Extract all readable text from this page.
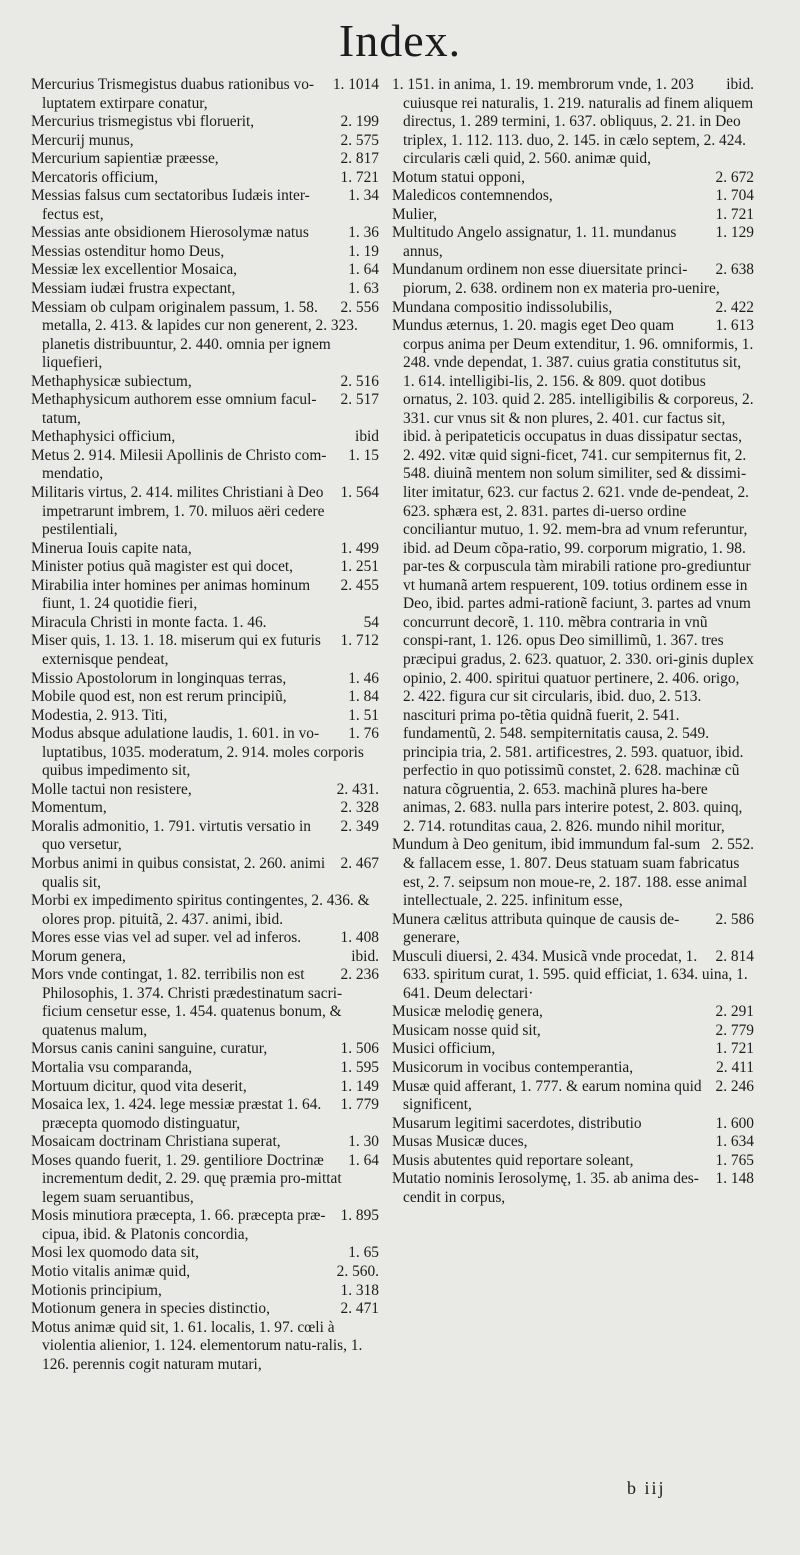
Index.

1. 1014
Mercurius Trismegistus duabus rationibus vo-luptatem extirpare conatur,

2. 199
Mercurius trismegistus vbi floruerit,

2. 575
Mercurij munus,

2. 817
Mercurium sapientiæ præesse,

1. 721
Mercatoris officium,

1. 34
Messias falsus cum sectatoribus Iudæis inter-fectus est,

1. 36
Messias ante obsidionem Hierosolymæ natus

1. 19
Messias ostenditur homo Deus,

1. 64
Messiæ lex excellentior Mosaica,

1. 63
Messiam iudæi frustra expectant,

2. 556
Messiam ob culpam originalem passum, 1. 58. metalla, 2. 413. & lapides cur non generent, 2. 323. planetis distribuuntur, 2. 440. omnia per ignem liquefieri,

2. 516
Methaphysicæ subiectum,

2. 517
Methaphysicum authorem esse omnium facul-tatum,

ibid
Methaphysici officium,

1. 15
Metus 2. 914. Milesii Apollinis de Christo com-mendatio,

1. 564
Militaris virtus, 2. 414. milites Christiani à Deo impetrarunt imbrem, 1. 70. miluos aëri cedere pestilentiali,

1. 499
Minerua Iouis capite nata,

1. 251
Minister potius quã magister est qui docet,

2. 455
Mirabilia inter homines per animas hominum fiunt, 1. 24 quotidie fieri,

54
Miracula Christi in monte facta. 1. 46.

1. 712
Miser quis, 1. 13. 1. 18. miserum qui ex futuris externisque pendeat,

1. 46
Missio Apostolorum in longinquas terras,

1. 84
Mobile quod est, non est rerum principiũ,

1. 51
Modestia, 2. 913. Titi,

1. 76
Modus absque adulatione laudis, 1. 601. in vo-luptatibus, 1035. moderatum, 2. 914. moles corporis quibus impedimento sit,

2. 431.
Molle tactui non resistere,

2. 328
Momentum,

2. 349
Moralis admonitio, 1. 791. virtutis versatio in quo versetur,

2. 467
Morbus animi in quibus consistat, 2. 260. animi qualis sit,

Morbi ex impedimento spiritus contingentes, 2. 436. & olores prop. pituitã, 2. 437. animi, ibid.

1. 408
Mores esse vias vel ad super. vel ad inferos.

ibid.
Morum genera,

2. 236
Mors vnde contingat, 1. 82. terribilis non est Philosophis, 1. 374. Christi prædestinatum sacri-ficium censetur esse, 1. 454. quatenus bonum, & quatenus malum,

1. 506
Morsus canis canini sanguine, curatur,

1. 595
Mortalia vsu comparanda,

1. 149
Mortuum dicitur, quod vita deserit,

1. 779
Mosaica lex, 1. 424. lege messiæ præstat 1. 64. præcepta quomodo distinguatur,

1. 30
Mosaicam doctrinam Christiana superat,

1. 64
Moses quando fuerit, 1. 29. gentiliore Doctrinæ incrementum dedit, 2. 29. quę præmia pro-mittat legem suam seruantibus,

1. 895
Mosis minutiora præcepta, 1. 66. præcepta præ-cipua, ibid. & Platonis concordia,

1. 65
Mosi lex quomodo data sit,

2. 560.
Motio vitalis animæ quid,

1. 318
Motionis principium,

2. 471
Motionum genera in species distinctio,

Motus animæ quid sit, 1. 61. localis, 1. 97. cœli à violentia alienior, 1. 124. elementorum natu-ralis, 1. 126. perennis cogit naturam mutari,

ibid.
1. 151. in anima, 1. 19. membrorum vnde, 1. 203 cuiusque rei naturalis, 1. 219. naturalis ad finem aliquem directus, 1. 289 termini, 1. 637. obliquus, 2. 21. in Deo triplex, 1. 112. 113. duo, 2. 145. in cælo septem, 2. 424. circularis cæli quid, 2. 560. animæ quid,

2. 672
Motum statui opponi,

1. 704
Maledicos contemnendos,

1. 721
Mulier,

1. 129
Multitudo Angelo assignatur, 1. 11. mundanus annus,

2. 638
Mundanum ordinem non esse diuersitate princi-piorum, 2. 638. ordinem non ex materia pro-uenire,

2. 422
Mundana compositio indissolubilis,

1. 613
Mundus æternus, 1. 20. magis eget Deo quam corpus anima per Deum extenditur, 1. 96. omniformis, 1. 248. vnde dependat, 1. 387. cuius gratia constitutus sit, 1. 614. intelligibi-lis, 2. 156. & 809. quot dotibus ornatus, 2. 103. quid 2. 285. intelligibilis & corporeus, 2. 331. cur vnus sit & non plures, 2. 401. cur factus sit, ibid. à peripateticis occupatus in duas dissipatur sectas, 2. 492. vitæ quid signi-ficet, 741. cur sempiternus fit, 2. 548. diuinã mentem non solum similiter, sed & dissimi-liter imitatur, 623. cur factus 2. 621. vnde de-pendeat, 2. 623. sphæra est, 2. 831. partes di-uerso ordine conciliantur mutuo, 1. 92. mem-bra ad vnum referuntur, ibid. ad Deum cõpa-ratio, 99. corporum migratio, 1. 98. par-tes & corpuscula tàm mirabili ratione pro-grediuntur vt humanã artem respuerent, 109. totius ordinem esse in Deo, ibid. partes admi-rationẽ faciunt, 3. partes ad vnum concurrunt decorẽ, 1. 110. mẽbra contraria in vnũ conspi-rant, 1. 126. opus Deo simillimũ, 1. 367. tres præcipui gradus, 2. 623. quatuor, 2. 330. ori-ginis duplex opinio, 2. 400. spiritui quatuor pertinere, 2. 406. origo, 2. 422. figura cur sit circularis, ibid. duo, 2. 513. nascituri prima po-tẽtia quidnã fuerit, 2. 541. fundamentũ, 2. 548. sempiternitatis causa, 2. 549. principia tria, 2. 581. artificestres, 2. 593. quatuor, ibid. perfectio in quo potissimũ constet, 2. 628. machinæ cũ natura cõgruentia, 2. 653. machinã plures ha-bere animas, 2. 683. nulla pars interire potest, 2. 803. quinq, 2. 714. rotunditas caua, 2. 826. mundo nihil moritur,

2. 552.
Mundum à Deo genitum, ibid immundum fal-sum & fallacem esse, 1. 807. Deus statuam suam fabricatus est, 2. 7. seipsum non moue-re, 2. 187. 188. esse animal intellectuale, 2. 225. infinitum esse,

2. 586
Munera cælitus attributa quinque de causis de-generare,

2. 814
Musculi diuersi, 2. 434. Musicã vnde procedat, 1. 633. spiritum curat, 1. 595. quid efficiat, 1. 634. uina, 1. 641. Deum delectari·

2. 291
Musicæ melodię genera,

2. 779
Musicam nosse quid sit,

1. 721
Musici officium,

2. 411
Musicorum in vocibus contemperantia,

2. 246
Musæ quid afferant, 1. 777. & earum nomina quid significent,

1. 600
Musarum legitimi sacerdotes, distributio

1. 634
Musas Musicæ duces,

1. 765
Musis abutentes quid reportare soleant,

1. 148
Mutatio nominis Ierosolymę, 1. 35. ab anima des-cendit in corpus,

b iij
